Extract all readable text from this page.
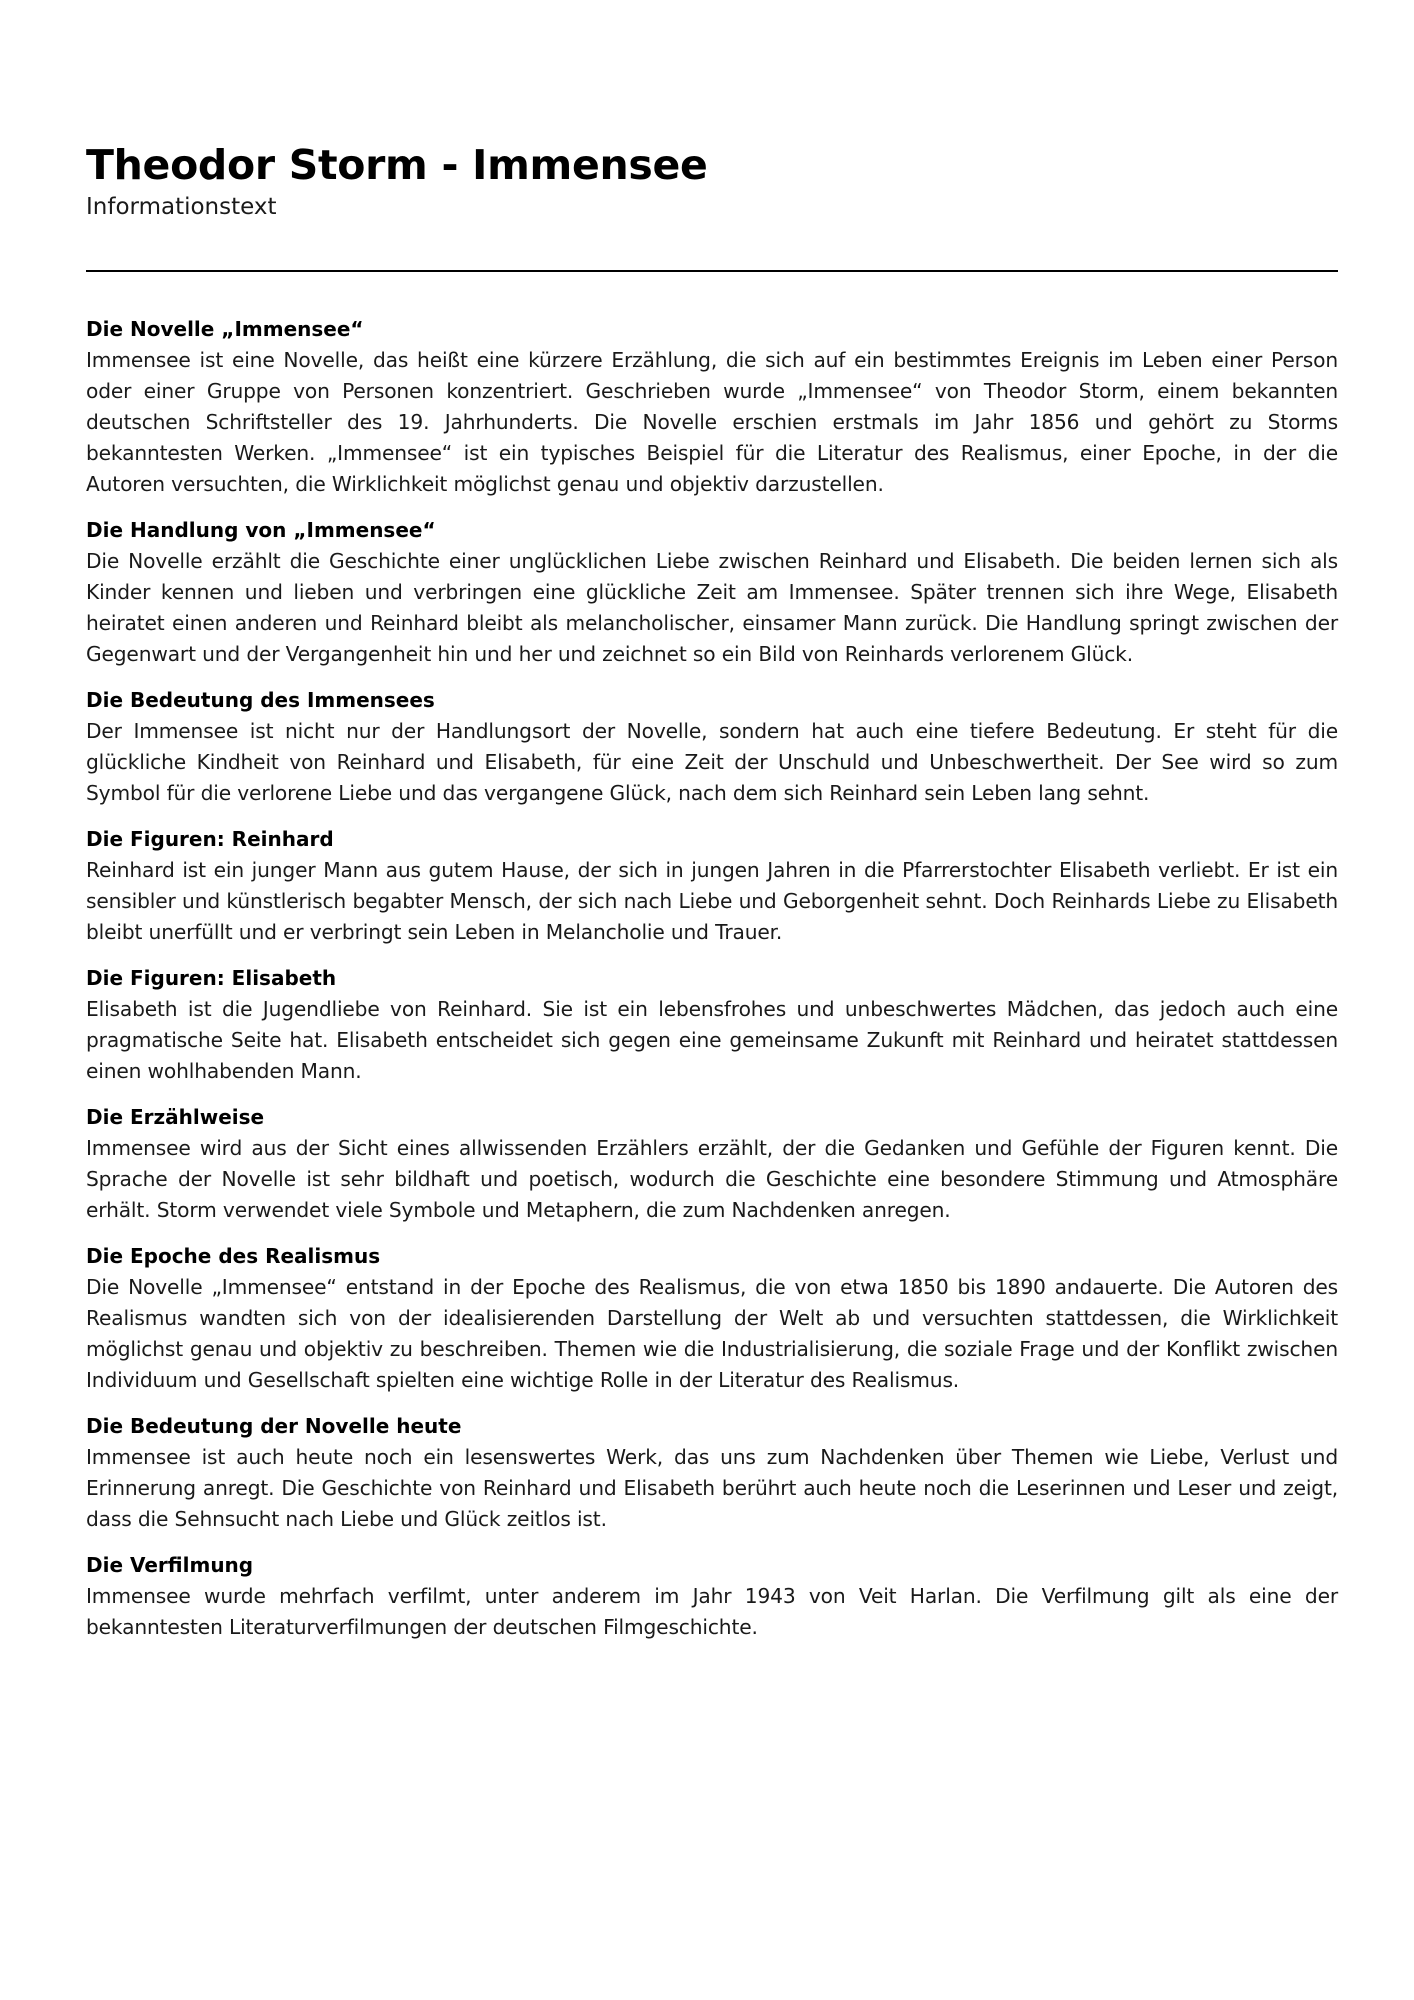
Theodor Storm - Immensee

Informationstext

Die Novelle „Immensee“

Immensee ist eine Novelle, das heißt eine kürzere Erzählung, die sich auf ein bestimmtes Ereignis im Leben einer Person oder einer Gruppe von Personen konzentriert. Geschrieben wurde „Immensee“ von Theodor Storm, einem bekannten deutschen Schriftsteller des 19. Jahrhunderts. Die Novelle erschien erstmals im Jahr 1856 und gehört zu Storms bekanntesten Werken. „Immensee“ ist ein typisches Beispiel für die Literatur des Realismus, einer Epoche, in der die Autoren versuchten, die Wirklichkeit möglichst genau und objektiv darzustellen.

Die Handlung von „Immensee“

Die Novelle erzählt die Geschichte einer unglücklichen Liebe zwischen Reinhard und Elisabeth. Die beiden lernen sich als Kinder kennen und lieben und verbringen eine glückliche Zeit am Immensee. Später trennen sich ihre Wege, Elisabeth heiratet einen anderen und Reinhard bleibt als melancholischer, einsamer Mann zurück. Die Handlung springt zwischen der Gegenwart und der Vergangenheit hin und her und zeichnet so ein Bild von Reinhards verlorenem Glück.

Die Bedeutung des Immensees

Der Immensee ist nicht nur der Handlungsort der Novelle, sondern hat auch eine tiefere Bedeutung. Er steht für die glückliche Kindheit von Reinhard und Elisabeth, für eine Zeit der Unschuld und Unbeschwertheit. Der See wird so zum Symbol für die verlorene Liebe und das vergangene Glück, nach dem sich Reinhard sein Leben lang sehnt.

Die Figuren: Reinhard

Reinhard ist ein junger Mann aus gutem Hause, der sich in jungen Jahren in die Pfarrerstochter Elisabeth verliebt. Er ist ein sensibler und künstlerisch begabter Mensch, der sich nach Liebe und Geborgenheit sehnt. Doch Reinhards Liebe zu Elisabeth bleibt unerfüllt und er verbringt sein Leben in Melancholie und Trauer.

Die Figuren: Elisabeth

Elisabeth ist die Jugendliebe von Reinhard. Sie ist ein lebensfrohes und unbeschwertes Mädchen, das jedoch auch eine pragmatische Seite hat. Elisabeth entscheidet sich gegen eine gemeinsame Zukunft mit Reinhard und heiratet stattdessen einen wohlhabenden Mann.

Die Erzählweise

Immensee wird aus der Sicht eines allwissenden Erzählers erzählt, der die Gedanken und Gefühle der Figuren kennt. Die Sprache der Novelle ist sehr bildhaft und poetisch, wodurch die Geschichte eine besondere Stimmung und Atmosphäre erhält. Storm verwendet viele Symbole und Metaphern, die zum Nachdenken anregen.

Die Epoche des Realismus

Die Novelle „Immensee“ entstand in der Epoche des Realismus, die von etwa 1850 bis 1890 andauerte. Die Autoren des Realismus wandten sich von der idealisierenden Darstellung der Welt ab und versuchten stattdessen, die Wirklichkeit möglichst genau und objektiv zu beschreiben. Themen wie die Industrialisierung, die soziale Frage und der Konflikt zwischen Individuum und Gesellschaft spielten eine wichtige Rolle in der Literatur des Realismus.

Die Bedeutung der Novelle heute

Immensee ist auch heute noch ein lesenswertes Werk, das uns zum Nachdenken über Themen wie Liebe, Verlust und Erinnerung anregt. Die Geschichte von Reinhard und Elisabeth berührt auch heute noch die Leserinnen und Leser und zeigt, dass die Sehnsucht nach Liebe und Glück zeitlos ist.

Die Verfilmung

Immensee wurde mehrfach verfilmt, unter anderem im Jahr 1943 von Veit Harlan. Die Verfilmung gilt als eine der bekanntesten Literaturverfilmungen der deutschen Filmgeschichte.
